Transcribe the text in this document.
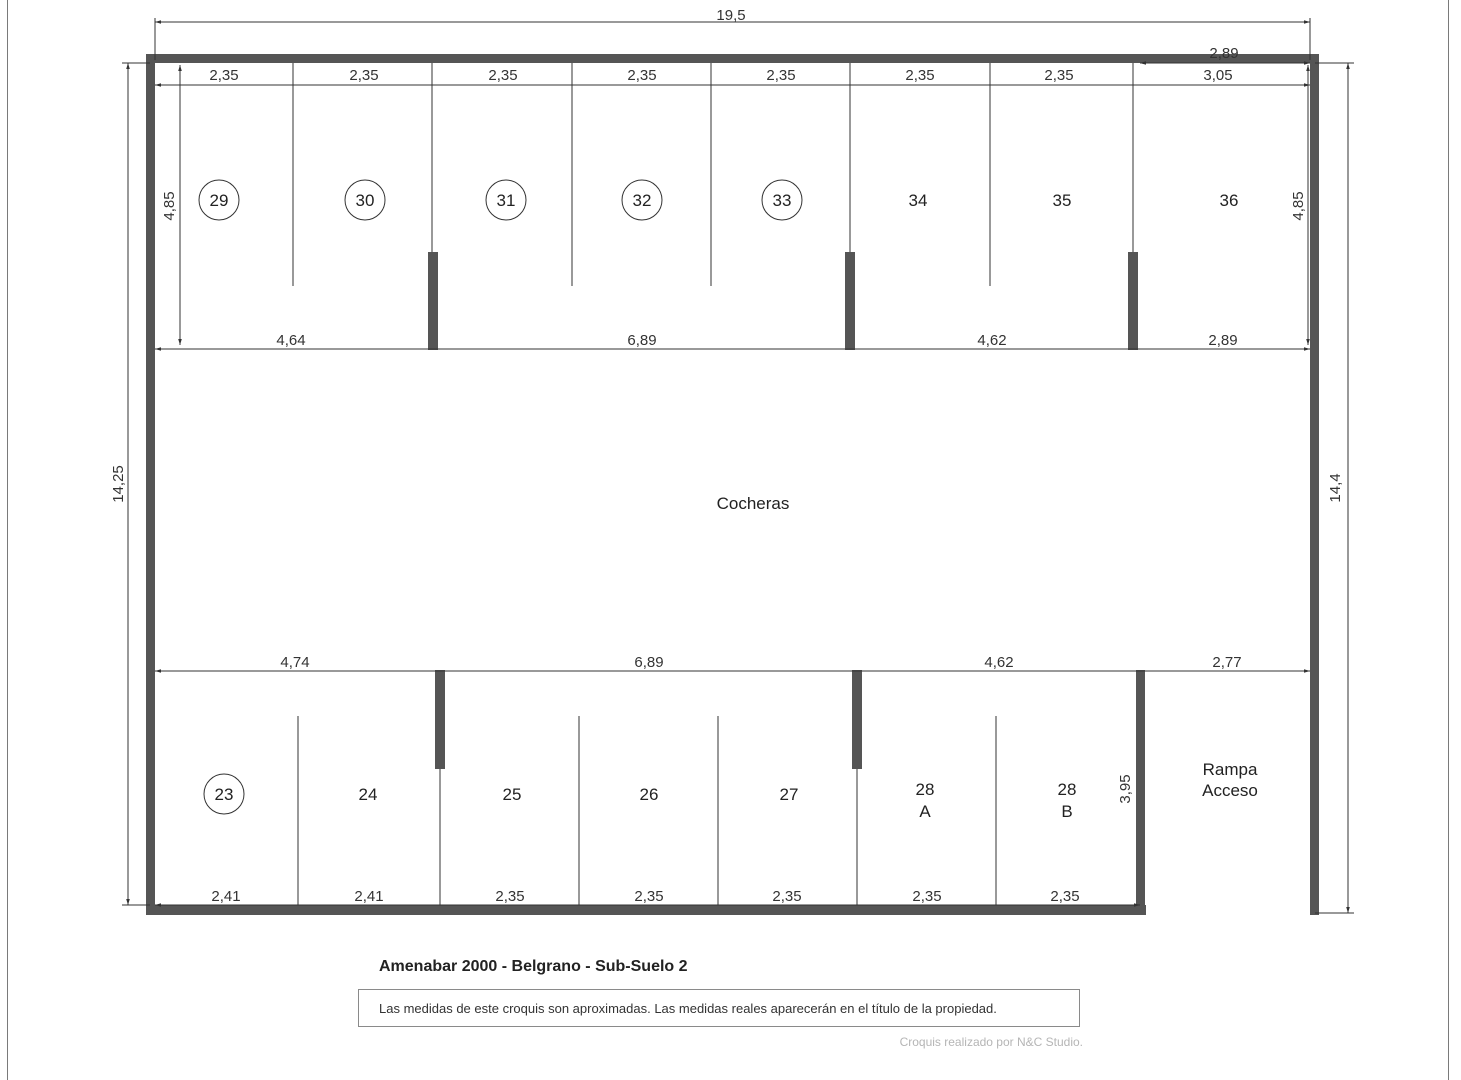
19,5
2,89
2,35	2,35	2,35	2,35	2,35	2,35	2,35	3,05
4,64	6,89	4,62	2,89
4,74	6,89	4,62	2,77
2,41	2,41	2,35	2,35	2,35	2,35	2,35
14,25	14,4
4,85	4,85
3,95
Cocheras
Rampa
Acceso
29	30	31	32	33	34	35	36
23	24	25	26	27	28
A
28
B
Amenabar 2000 - Belgrano - Sub-Suelo 2
Las medidas de este croquis son aproximadas. Las medidas reales aparecerán en el título de la propiedad.
Croquis realizado por N&C Studio.
